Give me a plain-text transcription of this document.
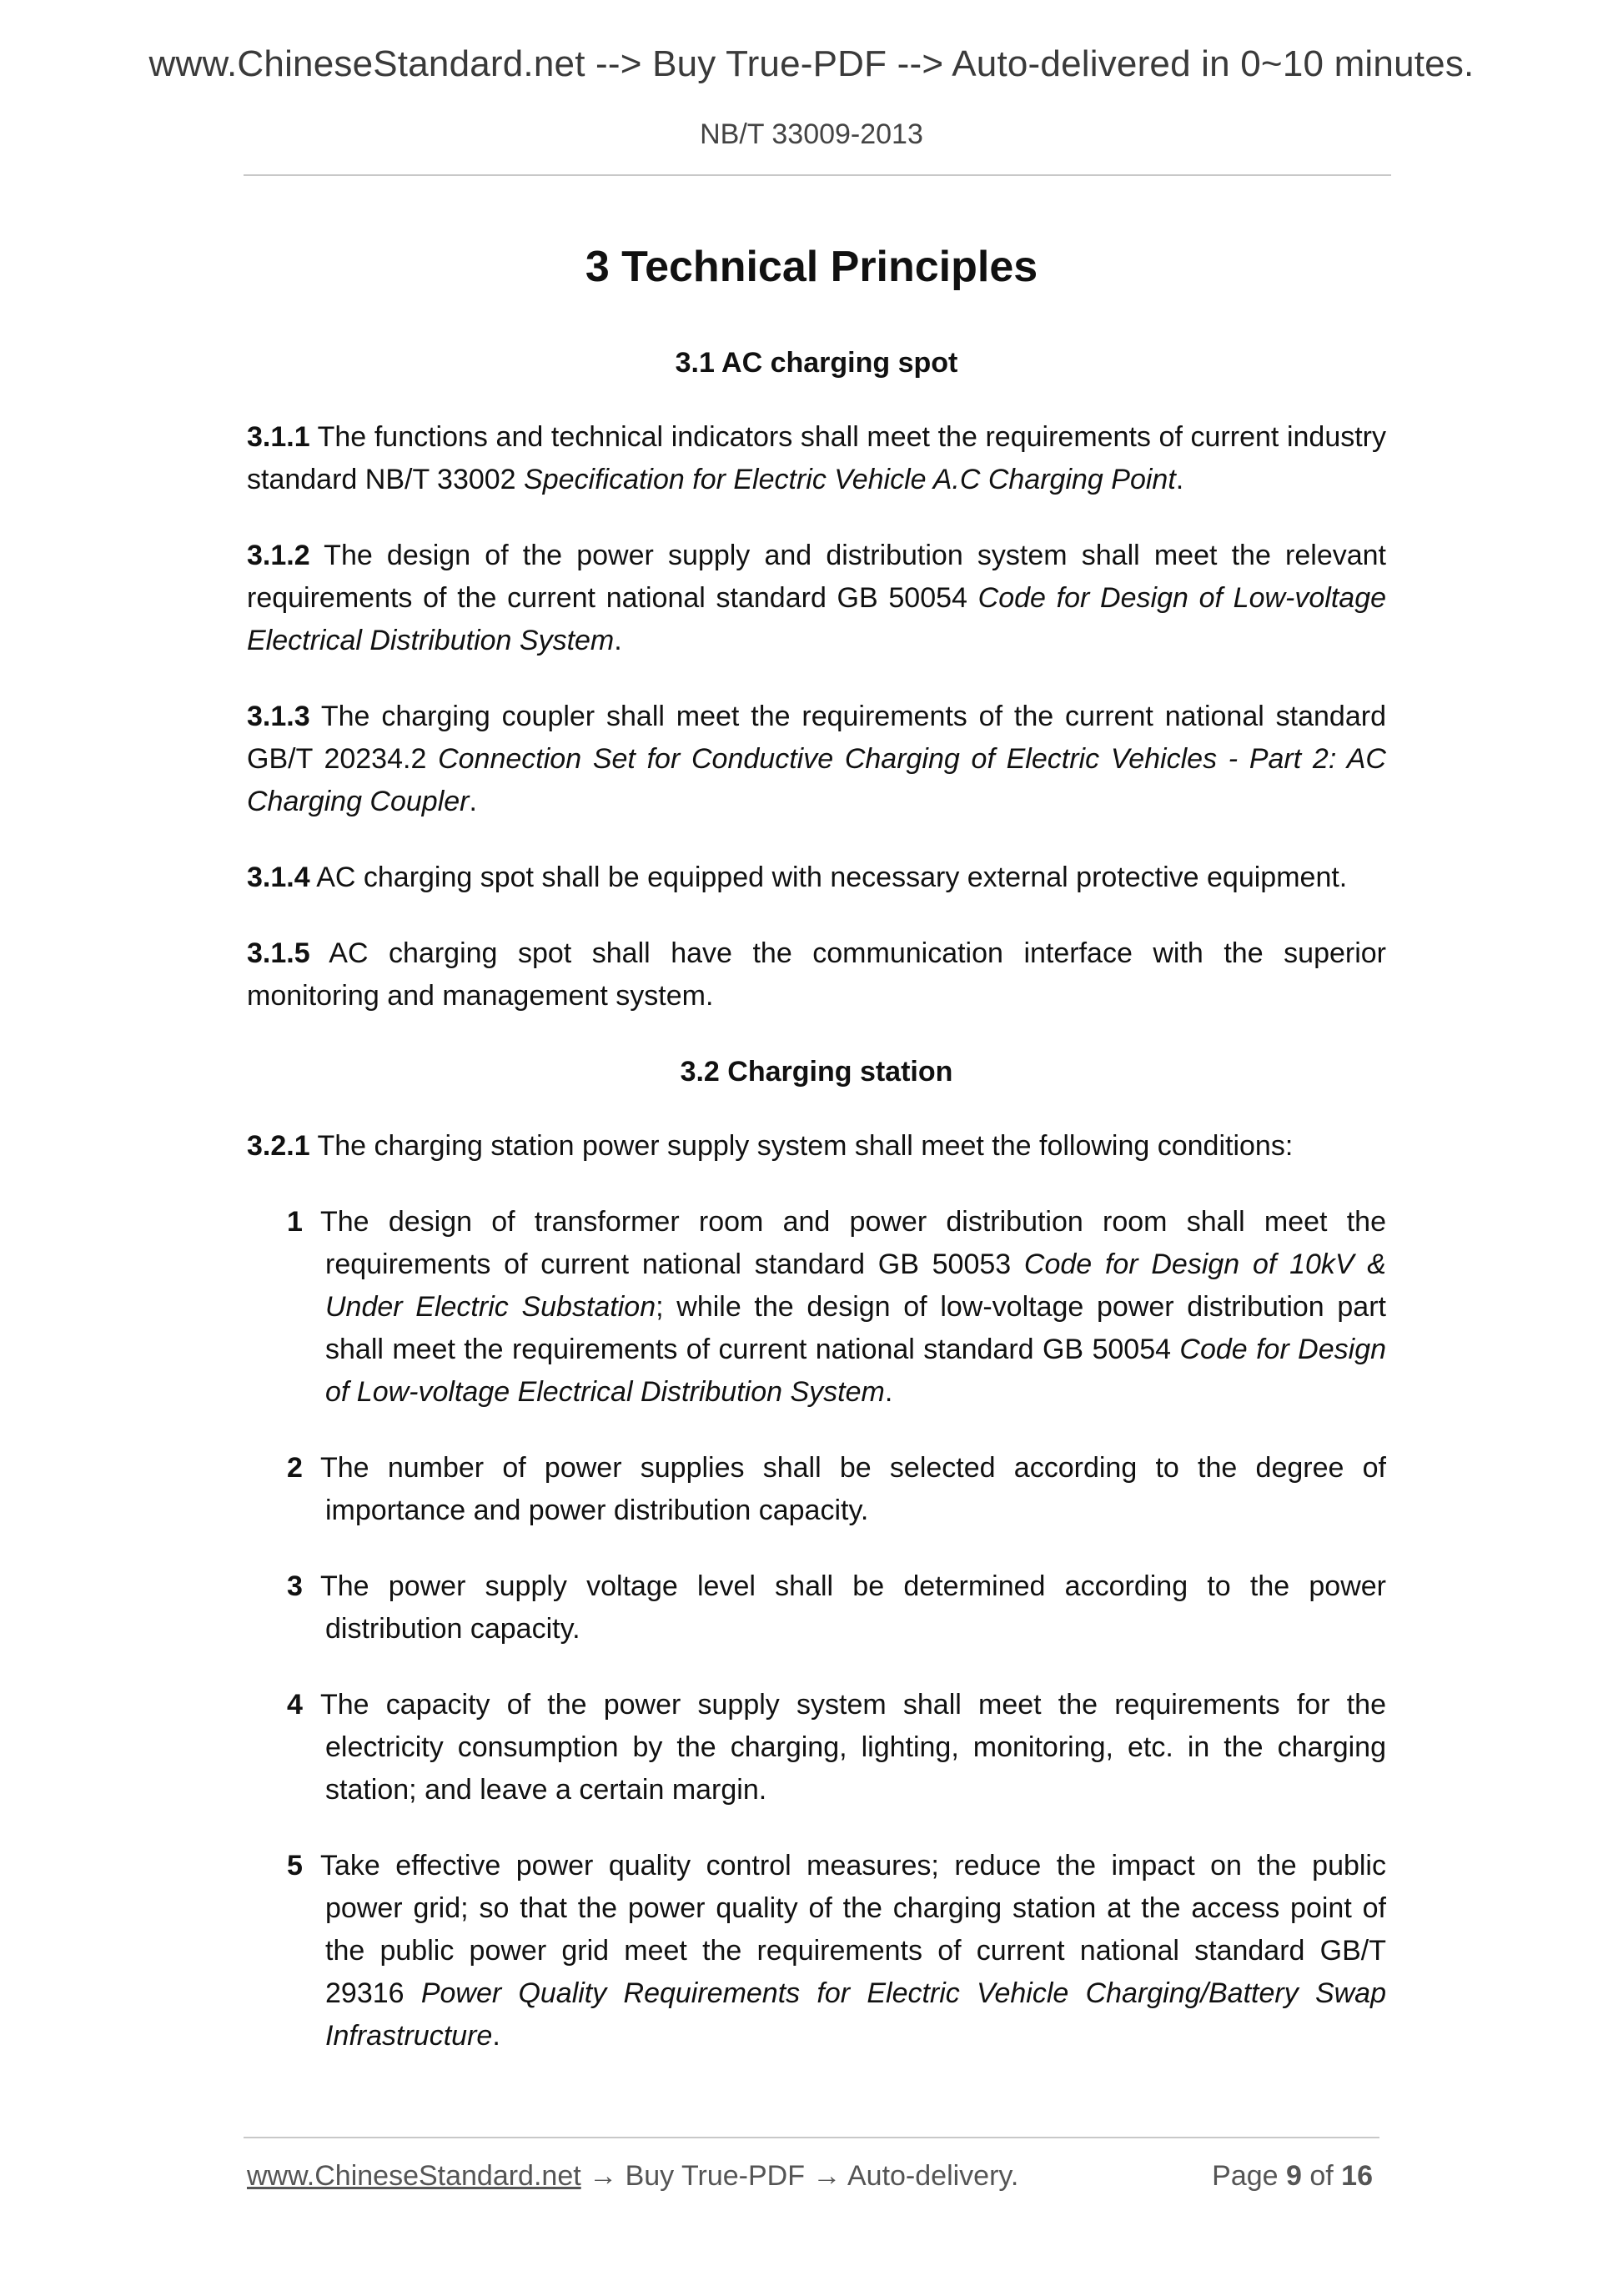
www.ChineseStandard.net --> Buy True-PDF --> Auto-delivered in 0~10 minutes.
NB/T 33009-2013
3 Technical Principles
3.1 AC charging spot

3.1.1 The functions and technical indicators shall meet the requirements of current industry standard NB/T 33002 Specification for Electric Vehicle A.C Charging Point.

3.1.2 The design of the power supply and distribution system shall meet the relevant requirements of the current national standard GB 50054 Code for Design of Low-voltage Electrical Distribution System.

3.1.3 The charging coupler shall meet the requirements of the current national standard GB/T 20234.2 Connection Set for Conductive Charging of Electric Vehicles - Part 2: AC Charging Coupler.

3.1.4 AC charging spot shall be equipped with necessary external protective equipment.

3.1.5 AC charging spot shall have the communication interface with the superior monitoring and management system.

3.2 Charging station

3.2.1 The charging station power supply system shall meet the following conditions:

1 The design of transformer room and power distribution room shall meet the requirements of current national standard GB 50053 Code for Design of 10kV & Under Electric Substation; while the design of low-voltage power distribution part shall meet the requirements of current national standard GB 50054 Code for Design of Low-voltage Electrical Distribution System.

2 The number of power supplies shall be selected according to the degree of importance and power distribution capacity.

3 The power supply voltage level shall be determined according to the power distribution capacity.

4 The capacity of the power supply system shall meet the requirements for the electricity consumption by the charging, lighting, monitoring, etc. in the charging station; and leave a certain margin.

5 Take effective power quality control measures; reduce the impact on the public power grid; so that the power quality of the charging station at the access point of the public power grid meet the requirements of current national standard GB/T 29316 Power Quality Requirements for Electric Vehicle Charging/Battery Swap Infrastructure.

www.ChineseStandard.net → Buy True-PDF → Auto-delivery.	Page 9 of 16
